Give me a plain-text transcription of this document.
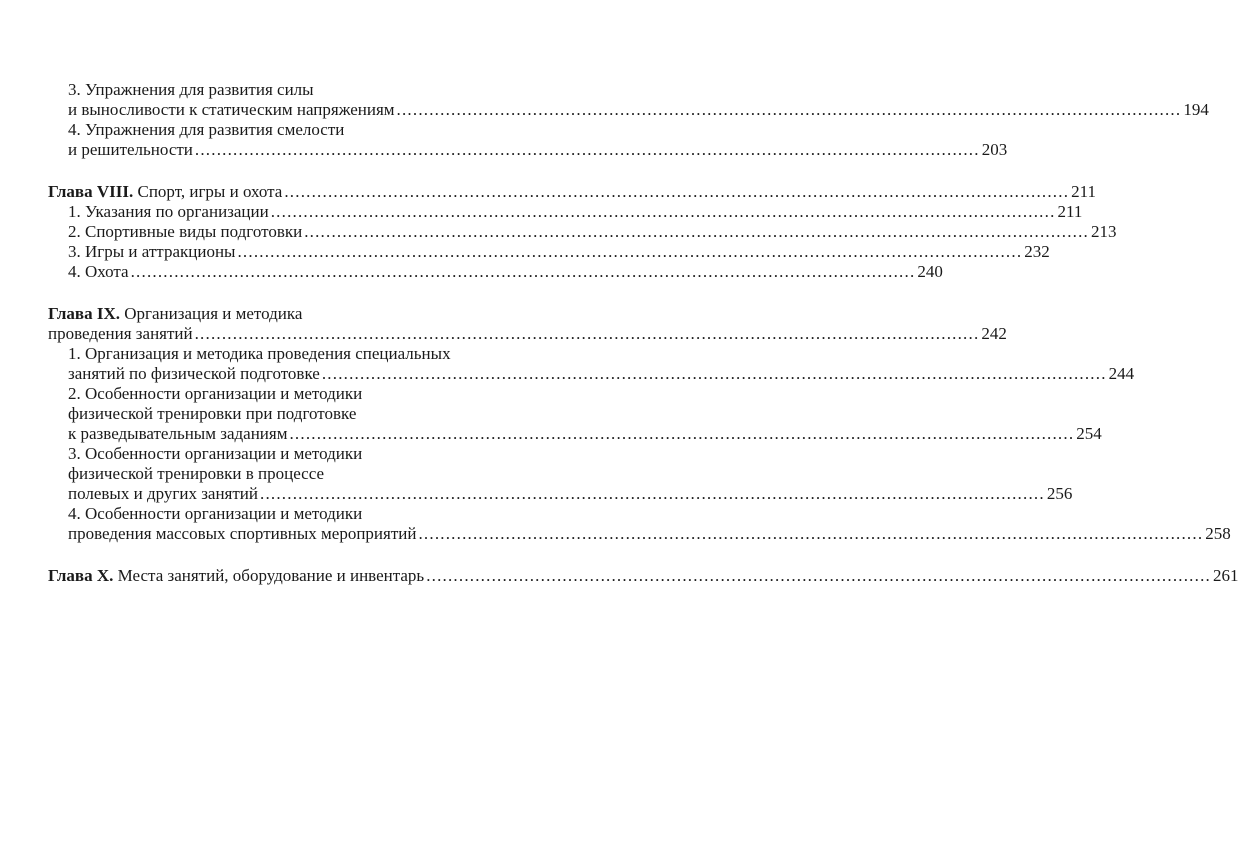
3. Упражнения для развития силы
и выносливости к статическим напряжениям .....	194
4. Упражнения для развития смелости
и решительности .....	203
Глава VIII. Спорт, игры и охота .....	211
1. Указания по организации .....	211
2. Спортивные виды подготовки .....	213
3. Игры и аттракционы .....	232
4. Охота .....	240
Глава IX. Организация и методика
проведения занятий .....	242
1. Организация и методика проведения специальных
занятий по физической подготовке .....	244
2. Особенности организации и методики
физической тренировки при подготовке
к разведывательным заданиям .....	254
3. Особенности организации и методики
физической тренировки в процессе
полевых и других занятий .....	256
4. Особенности организации и методики
проведения массовых спортивных мероприятий .....	258
Глава X. Места занятий, оборудование и инвентарь .....	261
